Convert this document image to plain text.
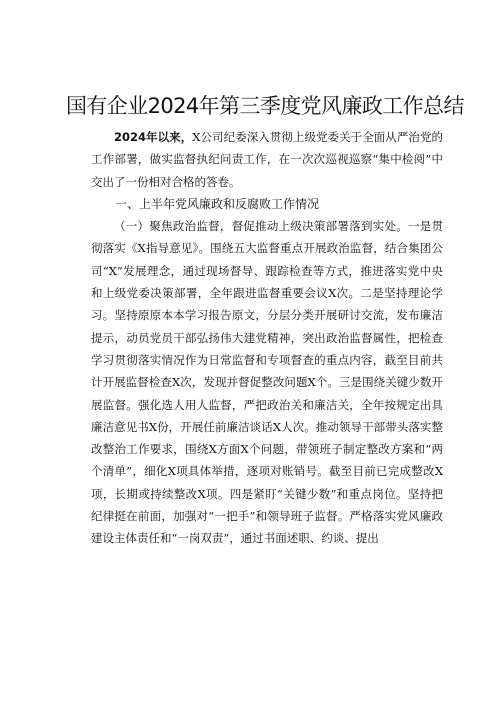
国有企业2024年第三季度党风廉政工作总结

2024年以来，X公司纪委深入贯彻上级党委关于全面从严治党的工作部署，做实监督执纪问责工作，在一次次巡视巡察“集中检阅”中交出了一份相对合格的答卷。

一、上半年党风廉政和反腐败工作情况

（一）聚焦政治监督，督促推动上级决策部署落到实处。一是贯彻落实《X指导意见》。围绕五大监督重点开展政治监督，结合集团公司“X”发展理念，通过现场督导、跟踪检查等方式，推进落实党中央和上级党委决策部署，全年跟进监督重要会议X次。二是坚持理论学习。坚持原原本本学习报告原文，分层分类开展研讨交流，发布廉洁提示，动员党员干部弘扬伟大建党精神，突出政治监督属性，把检查学习贯彻落实情况作为日常监督和专项督查的重点内容，截至目前共计开展监督检查X次，发现并督促整改问题X个。三是围绕关键少数开展监督。强化选人用人监督，严把政治关和廉洁关，全年按规定出具廉洁意见书X份，开展任前廉洁谈话X人次。推动领导干部带头落实整改整治工作要求，围绕X方面X个问题，带领班子制定整改方案和“两个清单”，细化X项具体举措，逐项对账销号。截至目前已完成整改X项，长期或持续整改X项。四是紧盯“关键少数”和重点岗位。坚持把纪律挺在前面，加强对“一把手”和领导班子监督。严格落实党风廉政建设主体责任和“一岗双责”，通过书面述职、约谈、提出
